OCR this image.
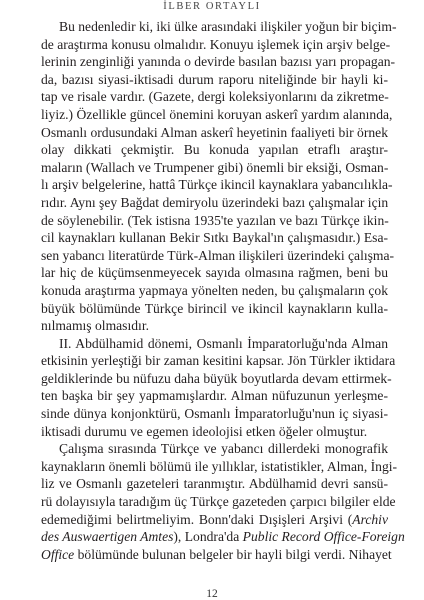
İLBER ORTAYLI
Bu nedenledir ki, iki ülke arasındaki ilişkiler yoğun bir biçim-
de araştırma konusu olmalıdır. Konuyu işlemek için arşiv belge-
lerinin zenginliği yanında o devirde basılan bazısı yarı propagan-
da, bazısı siyasi-iktisadi durum raporu niteliğinde bir hayli ki-
tap ve risale vardır. (Gazete, dergi koleksiyonlarını da zikretme-
liyiz.) Özellikle güncel önemini koruyan askerî yardım alanında,
Osmanlı ordusundaki Alman askerî heyetinin faaliyeti bir örnek
olay dikkati çekmiştir. Bu konuda yapılan etraflı araştır-
maların (Wallach ve Trumpener gibi) önemli bir eksiği, Osman-
lı arşiv belgelerine, hattâ Türkçe ikincil kaynaklara yabancılıkla-
rıdır. Aynı şey Bağdat demiryolu üzerindeki bazı çalışmalar için
de söylenebilir. (Tek istisna 1935'te yazılan ve bazı Türkçe ikin-
cil kaynakları kullanan Bekir Sıtkı Baykal'ın çalışmasıdır.) Esa-
sen yabancı literatürde Türk-Alman ilişkileri üzerindeki çalışma-
lar hiç de küçümsenmeyecek sayıda olmasına rağmen, beni bu
konuda araştırma yapmaya yönelten neden, bu çalışmaların çok
büyük bölümünde Türkçe birincil ve ikincil kaynakların kulla-
nılmamış olmasıdır.
II. Abdülhamid dönemi, Osmanlı İmparatorluğu'nda Alman
etkisinin yerleştiği bir zaman kesitini kapsar. Jön Türkler iktidara
geldiklerinde bu nüfuzu daha büyük boyutlarda devam ettirmek-
ten başka bir şey yapmamışlardır. Alman nüfuzunun yerleşme-
sinde dünya konjonktürü, Osmanlı İmparatorluğu'nun iç siyasi-
iktisadi durumu ve egemen ideolojisi etken öğeler olmuştur.
Çalışma sırasında Türkçe ve yabancı dillerdeki monografik
kaynakların önemli bölümü ile yıllıklar, istatistikler, Alman, İngi-
liz ve Osmanlı gazeteleri taranmıştır. Abdülhamid devri sansü-
rü dolayısıyla taradığım üç Türkçe gazeteden çarpıcı bilgiler elde
edemediğimi belirtmeliyim. Bonn'daki Dışişleri Arşivi (Archiv
des Auswaertigen Amtes), Londra'da Public Record Office-Foreign
Office bölümünde bulunan belgeler bir hayli bilgi verdi. Nihayet
12
